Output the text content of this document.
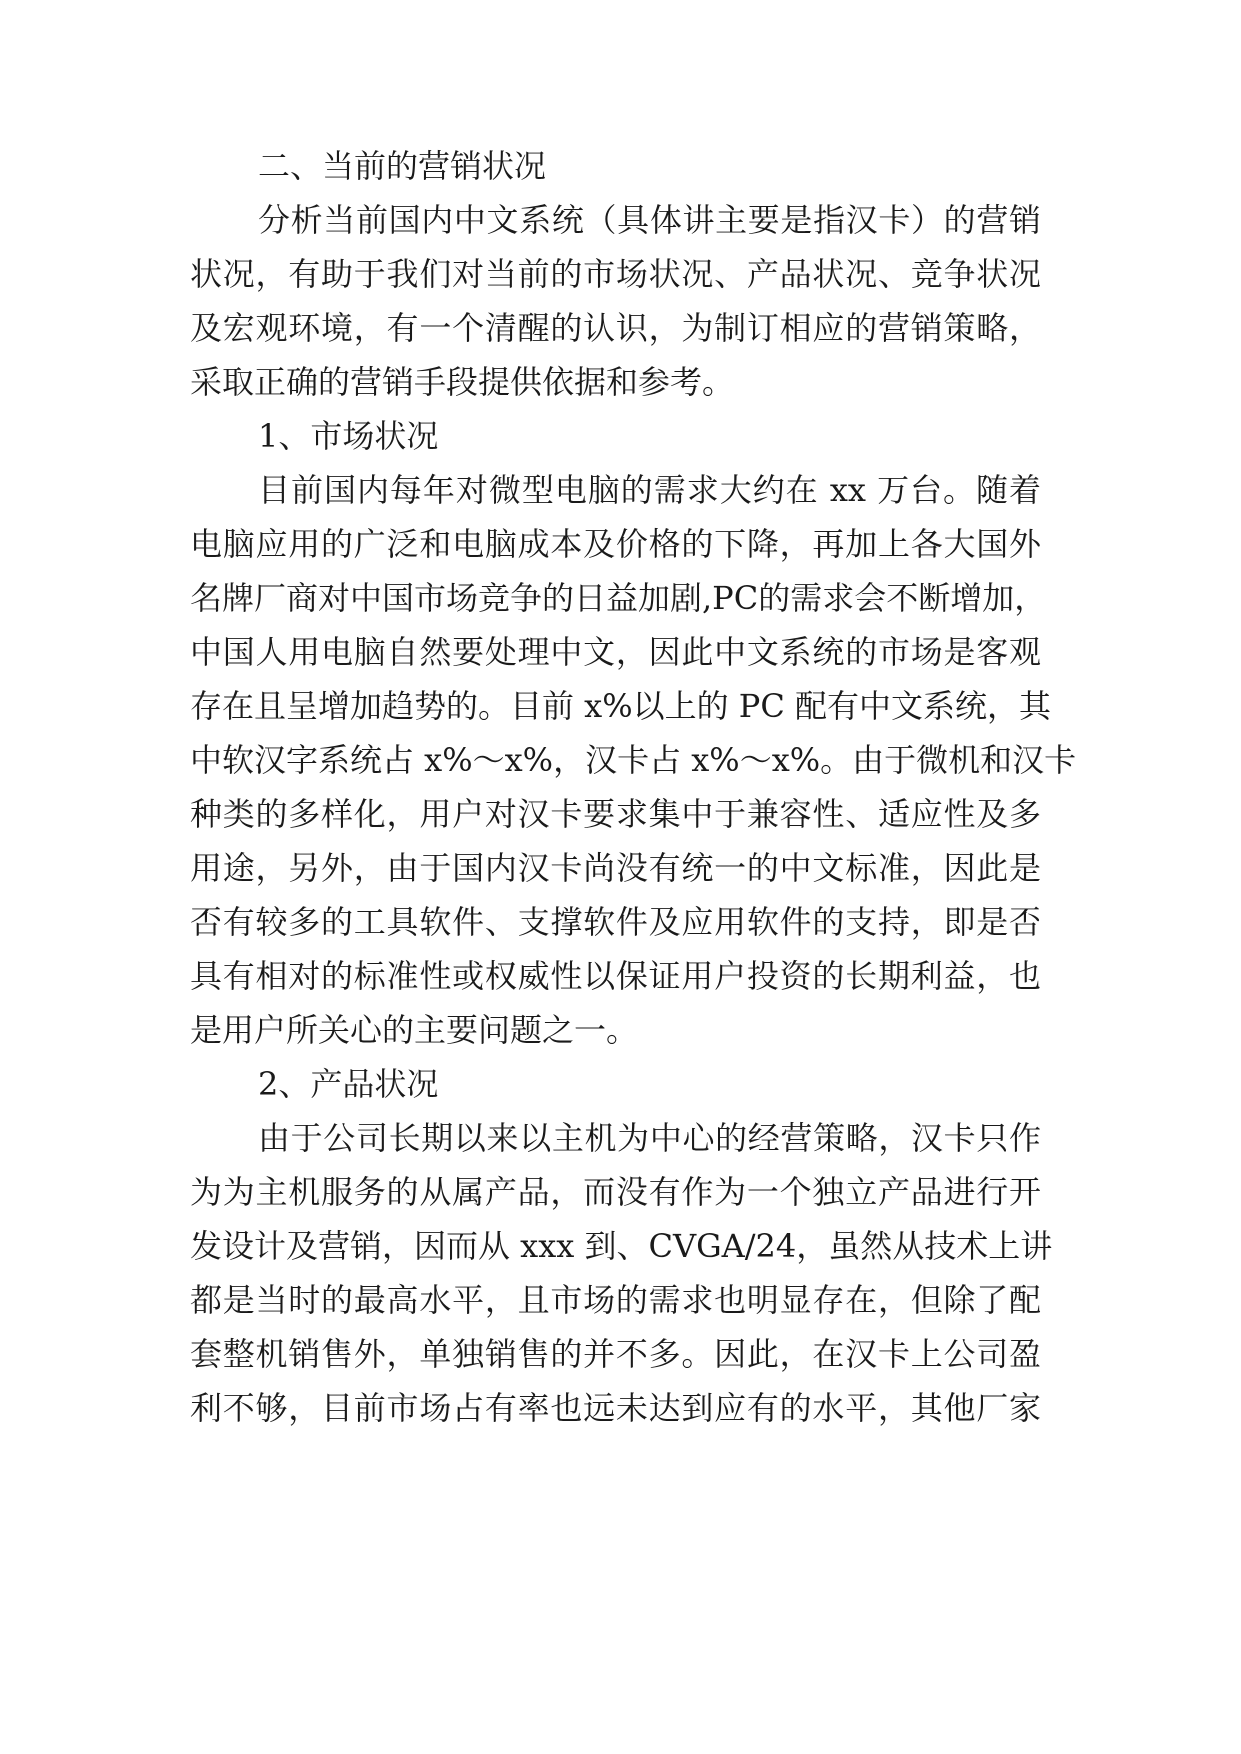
二、当前的营销状况

分析当前国内中文系统（具体讲主要是指汉卡）的营销

状况，有助于我们对当前的市场状况、产品状况、竞争状况

及宏观环境，有一个清醒的认识，为制订相应的营销策略，

采取正确的营销手段提供依据和参考。

1、市场状况

目前国内每年对微型电脑的需求大约在 xx 万台。随着

电脑应用的广泛和电脑成本及价格的下降，再加上各大国外

名牌厂商对中国市场竞争的日益加剧,PC的需求会不断增加，

中国人用电脑自然要处理中文，因此中文系统的市场是客观

存在且呈增加趋势的。目前 x%以上的 PC 配有中文系统，其

中软汉字系统占 x%～x%，汉卡占 x%～x%。由于微机和汉卡

种类的多样化，用户对汉卡要求集中于兼容性、适应性及多

用途，另外，由于国内汉卡尚没有统一的中文标准，因此是

否有较多的工具软件、支撑软件及应用软件的支持，即是否

具有相对的标准性或权威性以保证用户投资的长期利益，也

是用户所关心的主要问题之一。

2、产品状况

由于公司长期以来以主机为中心的经营策略，汉卡只作

为为主机服务的从属产品，而没有作为一个独立产品进行开

发设计及营销，因而从 xxx 到、CVGA/24，虽然从技术上讲

都是当时的最高水平，且市场的需求也明显存在，但除了配

套整机销售外，单独销售的并不多。因此，在汉卡上公司盈

利不够，目前市场占有率也远未达到应有的水平，其他厂家
